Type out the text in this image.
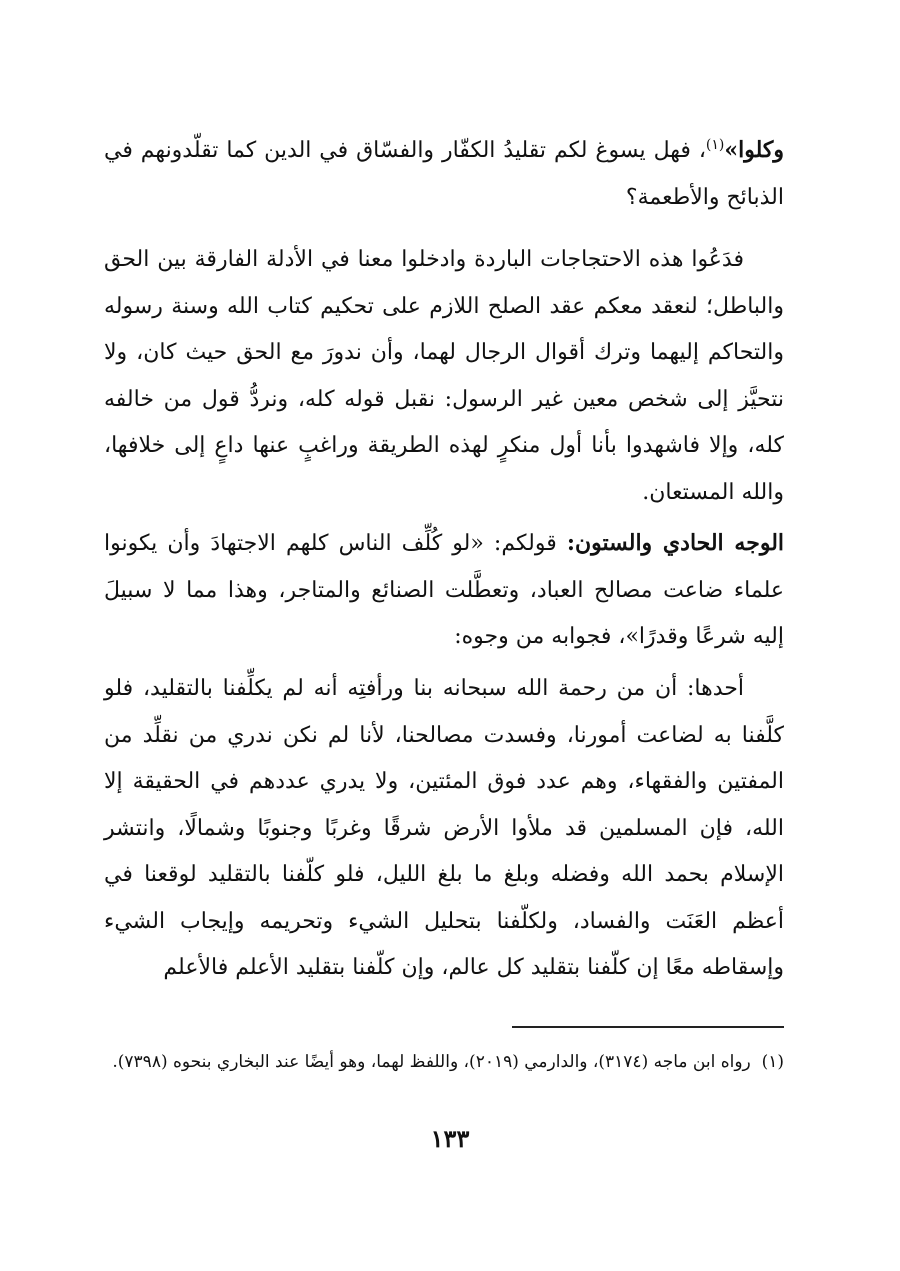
وكلوا»$^{(١)}$، فهل يسوغ لكم تقليدُ الكفّار والفسّاق في الدين كما تقلّدونهم في الذبائح والأطعمة؟

فدَعُوا هذه الاحتجاجات الباردة وادخلوا معنا في الأدلة الفارقة بين الحق والباطل؛ لنعقد معكم عقد الصلح اللازم على تحكيم كتاب الله وسنة رسوله والتحاكم إليهما وترك أقوال الرجال لهما، وأن ندورَ مع الحق حيث كان، ولا نتحيَّز إلى شخص معين غير الرسول: نقبل قوله كله، ونردُّ قول من خالفه كله، وإلا فاشهدوا بأنا أول منكرٍ لهذه الطريقة وراغبٍ عنها داعٍ إلى خلافها، والله المستعان.

الوجه الحادي والستون: قولكم: «لو كُلِّف الناس كلهم الاجتهادَ وأن يكونوا علماء ضاعت مصالح العباد، وتعطَّلت الصنائع والمتاجر، وهذا مما لا سبيلَ إليه شرعًا وقدرًا»، فجوابه من وجوه:

أحدها: أن من رحمة الله سبحانه بنا ورأفتِه أنه لم يكلِّفنا بالتقليد، فلو كلَّفنا به لضاعت أمورنا، وفسدت مصالحنا، لأنا لم نكن ندري من نقلِّد من المفتين والفقهاء، وهم عدد فوق المئتين، ولا يدري عددهم في الحقيقة إلا الله، فإن المسلمين قد ملأوا الأرض شرقًا وغربًا وجنوبًا وشمالًا، وانتشر الإسلام بحمد الله وفضله وبلغ ما بلغ الليل، فلو كلّفنا بالتقليد لوقعنا في أعظم العَنَت والفساد، ولكلّفنا بتحليل الشيء وتحريمه وإيجاب الشيء وإسقاطه معًا إن كلّفنا بتقليد كل عالم، وإن كلّفنا بتقليد الأعلم فالأعلم

(١)  رواه ابن ماجه (٣١٧٤)، والدارمي (٢٠١٩)، واللفظ لهما، وهو أيضًا عند البخاري بنحوه (٧٣٩٨).

١٣٣
